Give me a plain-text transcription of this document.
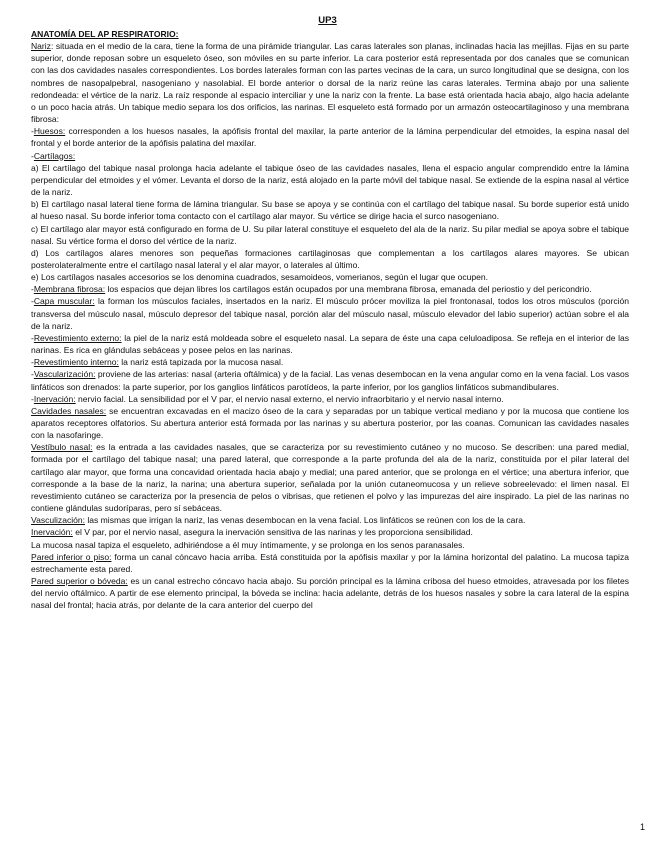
UP3

ANATOMÍA DEL AP RESPIRATORIO:

Nariz: situada en el medio de la cara, tiene la forma de una pirámide triangular. Las caras laterales son planas, inclinadas hacia las mejillas. Fijas en su parte superior, donde reposan sobre un esqueleto óseo, son móviles en su parte inferior. La cara posterior está representada por dos canales que se comunican con las dos cavidades nasales correspondientes. Los bordes laterales forman con las partes vecinas de la cara, un surco longitudinal que se designa, con los nombres de nasopalpebral, nasogeniano y nasolabial. El borde anterior o dorsal de la nariz reúne las caras laterales. Termina abajo por una saliente redondeada: el vértice de la nariz. La raíz responde al espacio interciliar y une la nariz con la frente. La base está orientada hacia abajo, algo hacia adelante o un poco hacia atrás. Un tabique medio separa los dos orificios, las narinas. El esqueleto está formado por un armazón osteocartilaginoso y una membrana fibrosa:

-Huesos: corresponden a los huesos nasales, la apófisis frontal del maxilar, la parte anterior de la lámina perpendicular del etmoides, la espina nasal del frontal y el borde anterior de la apófisis palatina del maxilar.

-Cartílagos:

a) El cartílago del tabique nasal prolonga hacia adelante el tabique óseo de las cavidades nasales, llena el espacio angular comprendido entre la lámina perpendicular del etmoides y el vómer. Levanta el dorso de la nariz, está alojado en la parte móvil del tabique nasal. Se extiende de la espina nasal al vértice de la nariz.

b) El cartílago nasal lateral tiene forma de lámina triangular. Su base se apoya y se continúa con el cartílago del tabique nasal. Su borde superior está unido al hueso nasal. Su borde inferior toma contacto con el cartílago alar mayor. Su vértice se dirige hacia el surco nasogeniano.

c) El cartílago alar mayor está configurado en forma de U. Su pilar lateral constituye el esqueleto del ala de la nariz. Su pilar medial se apoya sobre el tabique nasal. Su vértice forma el dorso del vértice de la nariz.

d) Los cartílagos alares menores son pequeñas formaciones cartilaginosas que complementan a los cartílagos alares mayores. Se ubican posterolateralmente entre el cartílago nasal lateral y el alar mayor, o laterales al último.

e) Los cartílagos nasales accesorios se los denomina cuadrados, sesamoideos, vomerianos, según el lugar que ocupen.

-Membrana fibrosa: los espacios que dejan libres los cartílagos están ocupados por una membrana fibrosa, emanada del periostio y del pericondrio.

-Capa muscular: la forman los músculos faciales, insertados en la nariz. El músculo prócer moviliza la piel frontonasal, todos los otros músculos (porción transversa del músculo nasal, músculo depresor del tabique nasal, porción alar del músculo nasal, músculo elevador del labio superior) actúan sobre el ala de la nariz.

-Revestimiento externo: la piel de la nariz está moldeada sobre el esqueleto nasal. La separa de éste una capa celuloadiposa. Se refleja en el interior de las narinas. Es rica en glándulas sebáceas y posee pelos en las narinas.

-Revestimiento interno: la nariz está tapizada por la mucosa nasal.

-Vascularización: proviene de las arterias: nasal (arteria oftálmica) y de la facial. Las venas desembocan en la vena angular como en la vena facial. Los vasos linfáticos son drenados: la parte superior, por los ganglios linfáticos parotídeos, la parte inferior, por los ganglios linfáticos submandibulares.

-Inervación: nervio facial. La sensibilidad por el V par, el nervio nasal externo, el nervio infraorbitario y el nervio nasal interno.

Cavidades nasales: se encuentran excavadas en el macizo óseo de la cara y separadas por un tabique vertical mediano y por la mucosa que contiene los aparatos receptores olfatorios. Su abertura anterior está formada por las narinas y su abertura posterior, por las coanas. Comunican las cavidades nasales con la nasofaringe.

Vestíbulo nasal: es la entrada a las cavidades nasales, que se caracteriza por su revestimiento cutáneo y no mucoso. Se describen: una pared medial, formada por el cartílago del tabique nasal; una pared lateral, que corresponde a la parte profunda del ala de la nariz, constituida por el pilar lateral del cartílago alar mayor, que forma una concavidad orientada hacia abajo y medial; una pared anterior, que se prolonga en el vértice; una abertura inferior, que corresponde a la base de la nariz, la narina; una abertura superior, señalada por la unión cutaneomucosa y un relieve sobreelevado: el limen nasal. El revestimiento cutáneo se caracteriza por la presencia de pelos o vibrisas, que retienen el polvo y las impurezas del aire inspirado. La piel de las narinas no contiene glándulas sudoríparas, pero sí sebáceas.

Vasculización: las mismas que irrigan la nariz, las venas desembocan en la vena facial. Los linfáticos se reúnen con los de la cara.

Inervación: el V par, por el nervio nasal, asegura la inervación sensitiva de las narinas y les proporciona sensibilidad.

La mucosa nasal tapiza el esqueleto, adhiriéndose a él muy íntimamente, y se prolonga en los senos paranasales.

Pared inferior o piso: forma un canal cóncavo hacia arriba. Está constituida por la apófisis maxilar y por la lámina horizontal del palatino. La mucosa tapiza estrechamente esta pared.

Pared superior o bóveda: es un canal estrecho cóncavo hacia abajo. Su porción principal es la lámina cribosa del hueso etmoides, atravesada por los filetes del nervio oftálmico. A partir de ese elemento principal, la bóveda se inclina: hacia adelante, detrás de los huesos nasales y sobre la cara lateral de la espina nasal del frontal; hacia atrás, por delante de la cara anterior del cuerpo del

1
